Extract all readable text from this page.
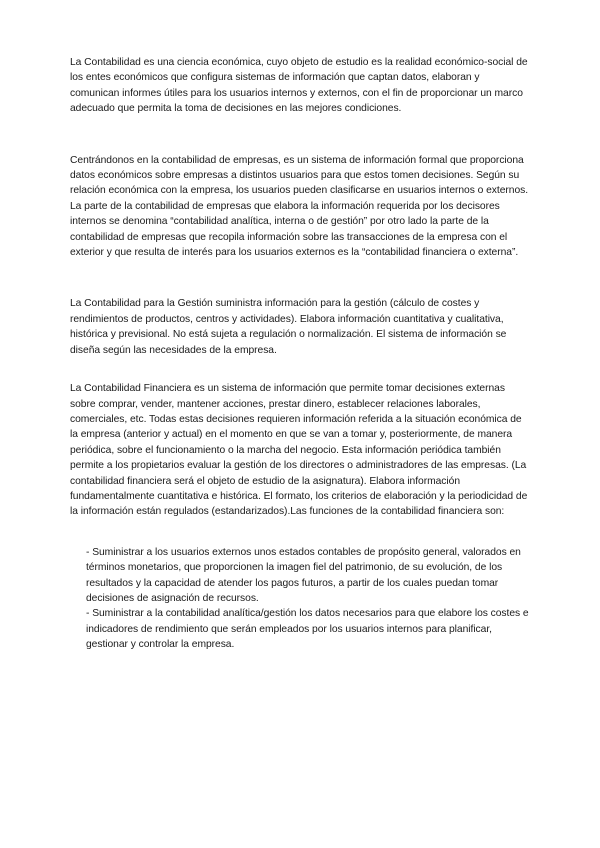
La Contabilidad es una ciencia económica, cuyo objeto de estudio es la realidad económico-social de los entes económicos que configura sistemas de información que captan datos, elaboran y comunican informes útiles para los usuarios internos y externos, con el fin de proporcionar un marco adecuado que permita la toma de decisiones en las mejores condiciones.

Centrándonos en la contabilidad de empresas, es un sistema de información formal que proporciona datos económicos sobre empresas a distintos usuarios para que estos tomen decisiones. Según su relación económica con la empresa, los usuarios pueden clasificarse en usuarios internos o externos. La parte de la contabilidad de empresas que elabora la información requerida por los decisores internos se denomina “contabilidad analítica, interna o de gestión” por otro lado la parte de la contabilidad de empresas que recopila información sobre las transacciones de la empresa con el exterior y que resulta de interés para los usuarios externos es la “contabilidad financiera o externa”.

La Contabilidad para la Gestión suministra información para la gestión (cálculo de costes y rendimientos de productos, centros y actividades). Elabora información cuantitativa y cualitativa, histórica y previsional. No está sujeta a regulación o normalización. El sistema de información se diseña según las necesidades de la empresa.

La Contabilidad Financiera es un sistema de información que permite tomar decisiones externas sobre comprar, vender, mantener acciones, prestar dinero, establecer relaciones laborales, comerciales, etc. Todas estas decisiones requieren información referida a la situación económica de la empresa (anterior y actual) en el momento en que se van a tomar y, posteriormente, de manera periódica, sobre el funcionamiento o la marcha del negocio. Esta información periódica también permite a los propietarios evaluar la gestión de los directores o administradores de las empresas. (La contabilidad financiera será el objeto de estudio de la asignatura). Elabora información fundamentalmente cuantitativa e histórica. El formato, los criterios de elaboración y la periodicidad de la información están regulados (estandarizados).Las funciones de la contabilidad financiera son:

- Suministrar a los usuarios externos unos estados contables de propósito general, valorados en términos monetarios, que proporcionen la imagen fiel del patrimonio, de su evolución, de los resultados y la capacidad de atender los pagos futuros, a partir de los cuales puedan tomar decisiones de asignación de recursos.
- Suministrar a la contabilidad analítica/gestión los datos necesarios para que elabore los costes e indicadores de rendimiento que serán empleados por los usuarios internos para planificar, gestionar y controlar la empresa.
